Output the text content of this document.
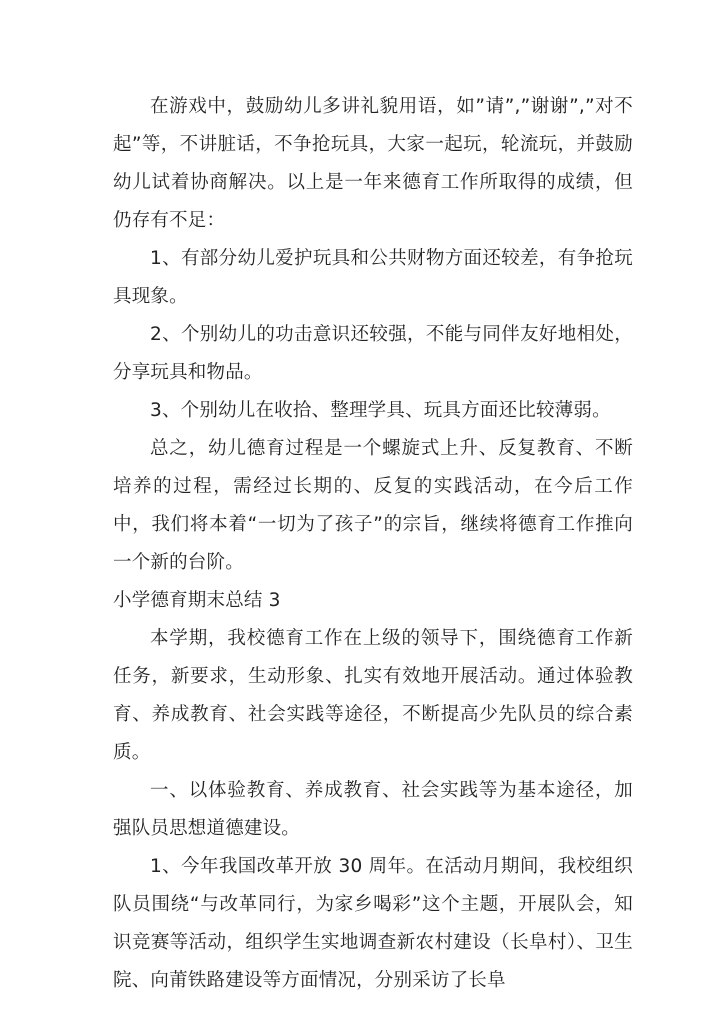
在游戏中，鼓励幼儿多讲礼貌用语，如”请”,”谢谢”,”对不起”等，不讲脏话，不争抢玩具，大家一起玩，轮流玩，并鼓励幼儿试着协商解决。以上是一年来德育工作所取得的成绩，但仍存有不足：

1、有部分幼儿爱护玩具和公共财物方面还较差，有争抢玩具现象。

2、个别幼儿的功击意识还较强，不能与同伴友好地相处，分享玩具和物品。

3、个别幼儿在收拾、整理学具、玩具方面还比较薄弱。

总之，幼儿德育过程是一个螺旋式上升、反复教育、不断培养的过程，需经过长期的、反复的实践活动，在今后工作中，我们将本着“一切为了孩子”的宗旨，继续将德育工作推向一个新的台阶。

小学德育期末总结 3

本学期，我校德育工作在上级的领导下，围绕德育工作新任务，新要求，生动形象、扎实有效地开展活动。通过体验教育、养成教育、社会实践等途径，不断提高少先队员的综合素质。

一、以体验教育、养成教育、社会实践等为基本途径，加强队员思想道德建设。

1、今年我国改革开放 30 周年。在活动月期间，我校组织队员围绕“与改革同行，为家乡喝彩”这个主题，开展队会，知识竞赛等活动，组织学生实地调查新农村建设（长阜村）、卫生院、向莆铁路建设等方面情况，分别采访了长阜
